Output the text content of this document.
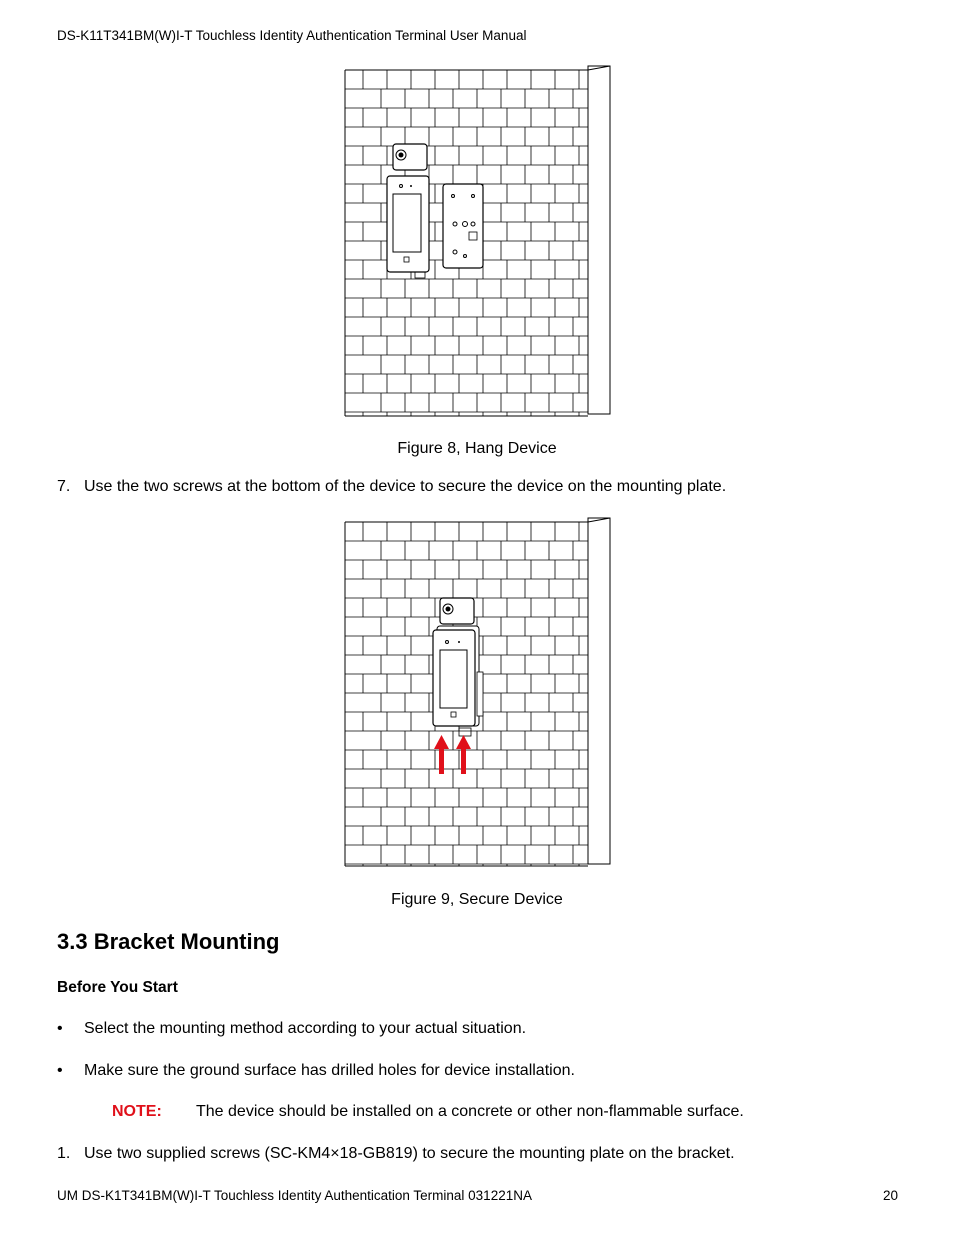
DS-K11T341BM(W)I-T Touchless Identity Authentication Terminal User Manual
Figure 8, Hang Device
7. Use the two screws at the bottom of the device to secure the device on the mounting plate.
Figure 9, Secure Device
3.3 Bracket Mounting
Before You Start
• Select the mounting method according to your actual situation.
• Make sure the ground surface has drilled holes for device installation.
NOTE: The device should be installed on a concrete or other non-flammable surface.
1. Use two supplied screws (SC-KM4×18-GB819) to secure the mounting plate on the bracket.
UM DS-K1T341BM(W)I-T Touchless Identity Authentication Terminal 031221NA	20
